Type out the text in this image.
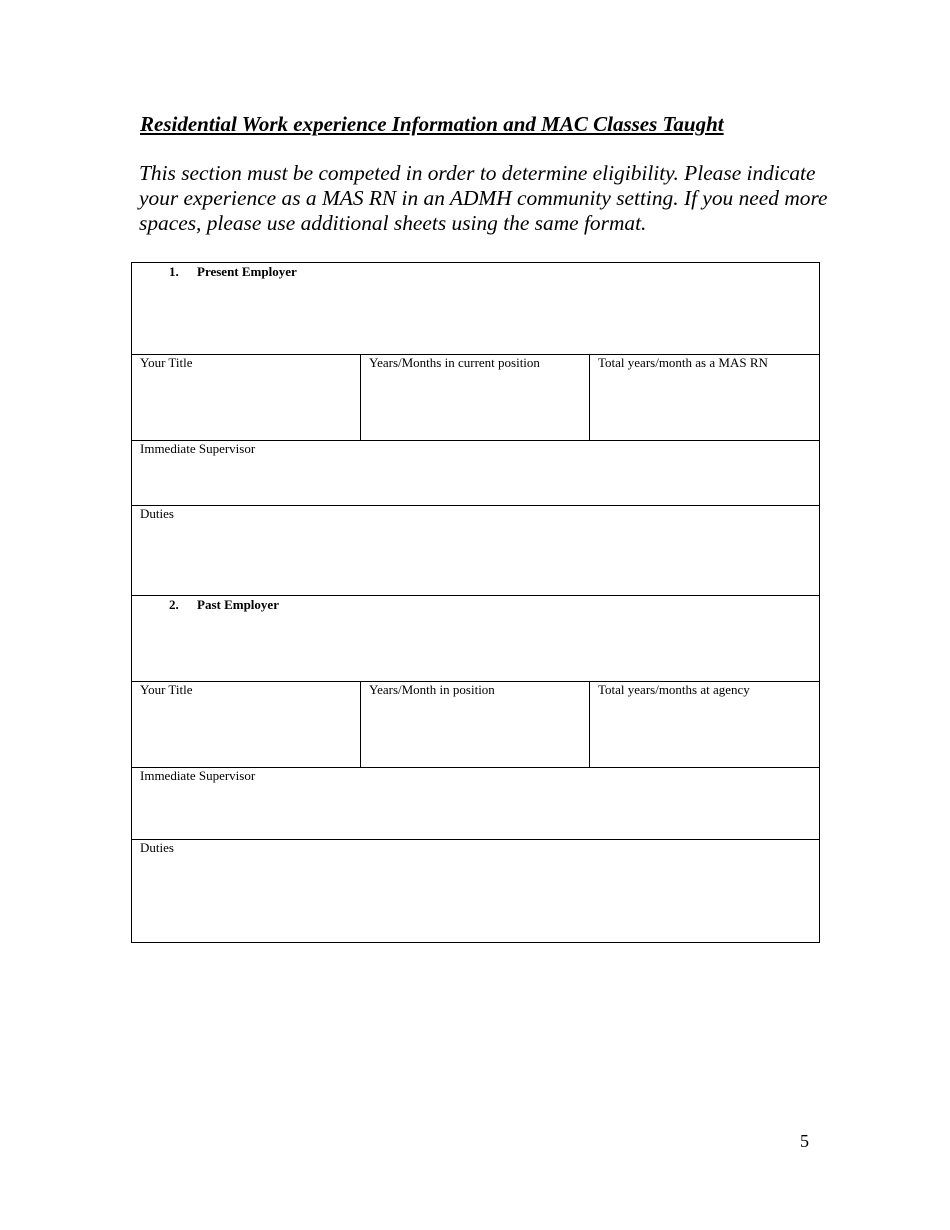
Residential Work experience Information and MAC Classes Taught

This section must be competed in order to determine eligibility. Please indicate your experience as a MAS RN in an ADMH community setting. If you need more spaces, please use additional sheets using the same format.

1. Present Employer		

Your Title	Years/Months in current position	Total years/month as a MAS RN

Immediate Supervisor		

Duties		

2. Past Employer		

Your Title	Years/Month in position	Total years/months at agency

Immediate Supervisor		

Duties		

5
